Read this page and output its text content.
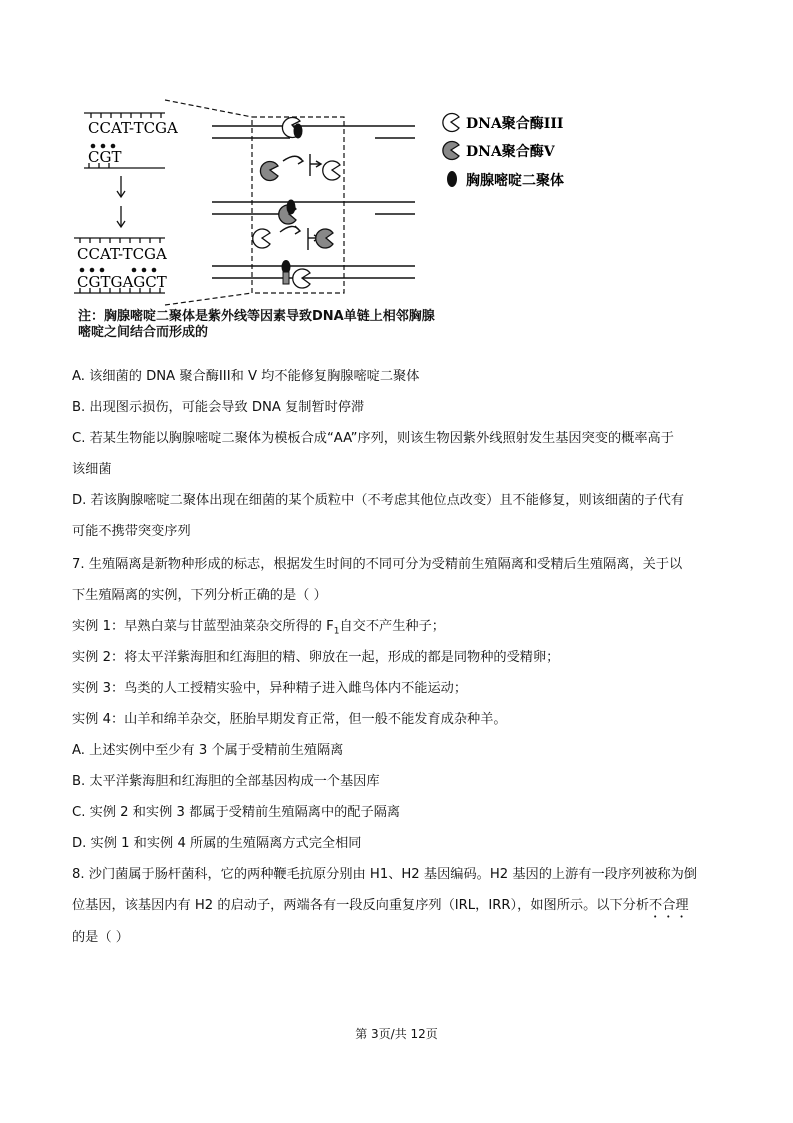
CCAT-TCGA
CGT
CCAT-TCGA
CGTGAGCT
DNA聚合酶III
DNA聚合酶V
胸腺嘧啶二聚体
注：胸腺嘧啶二聚体是紫外线等因素导致DNA单链上相邻胸腺
嘧啶之间结合而形成的
A. 该细菌的 DNA 聚合酶III和 V 均不能修复胸腺嘧啶二聚体
B. 出现图示损伤，可能会导致 DNA 复制暂时停滞
C. 若某生物能以胸腺嘧啶二聚体为模板合成“AA”序列，则该生物因紫外线照射发生基因突变的概率高于
该细菌
D. 若该胸腺嘧啶二聚体出现在细菌的某个质粒中（不考虑其他位点改变）且不能修复，则该细菌的子代有
可能不携带突变序列
7. 生殖隔离是新物种形成的标志，根据发生时间的不同可分为受精前生殖隔离和受精后生殖隔离，关于以
下生殖隔离的实例，下列分析正确的是（ ）
实例 1：早熟白菜与甘蓝型油菜杂交所得的 $F_1$自交不产生种子；
实例 2：将太平洋紫海胆和红海胆的精、卵放在一起，形成的都是同物种的受精卵；
实例 3：鸟类的人工授精实验中，异种精子进入雌鸟体内不能运动；
实例 4：山羊和绵羊杂交，胚胎早期发育正常，但一般不能发育成杂种羊。
A. 上述实例中至少有 3 个属于受精前生殖隔离
B. 太平洋紫海胆和红海胆的全部基因构成一个基因库
C. 实例 2 和实例 3 都属于受精前生殖隔离中的配子隔离
D. 实例 1 和实例 4 所属的生殖隔离方式完全相同
8. 沙门菌属于肠杆菌科，它的两种鞭毛抗原分别由 H1、H2 基因编码。H2 基因的上游有一段序列被称为倒
位基因，该基因内有 H2 的启动子，两端各有一段反向重复序列（IRL，IRR），如图所示。以下分析不合理
的是（ ）
第 3页/共 12页
